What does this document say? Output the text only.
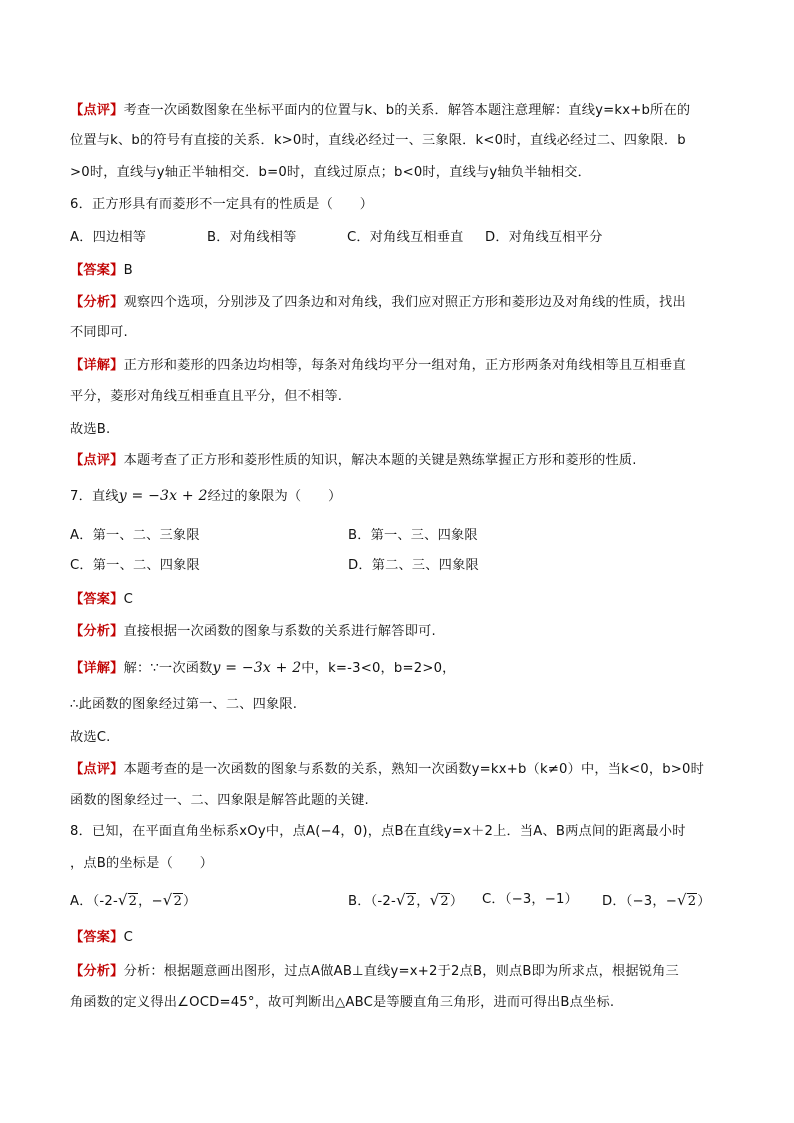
【点评】考查一次函数图象在坐标平面内的位置与k、b的关系．解答本题注意理解：直线y=kx+b所在的
位置与k、b的符号有直接的关系．k>0时，直线必经过一、三象限．k<0时，直线必经过二、四象限．b
>0时，直线与y轴正半轴相交．b=0时，直线过原点；b<0时，直线与y轴负半轴相交．
6．正方形具有而菱形不一定具有的性质是（　　）
A．四边相等	B．对角线相等	C．对角线互相垂直 D．对角线互相平分
【答案】B
【分析】观察四个选项，分别涉及了四条边和对角线，我们应对照正方形和菱形边及对角线的性质，找出
不同即可.
【详解】正方形和菱形的四条边均相等，每条对角线均平分一组对角，正方形两条对角线相等且互相垂直
平分，菱形对角线互相垂直且平分，但不相等.
故选B.
【点评】本题考查了正方形和菱形性质的知识，解决本题的关键是熟练掌握正方形和菱形的性质.
7．直线y = −3x + 2经过的象限为（　　）
A．第一、二、三象限	B．第一、三、四象限
C．第一、二、四象限	D．第二、三、四象限
【答案】C
【分析】直接根据一次函数的图象与系数的关系进行解答即可.
【详解】解：∵一次函数y = −3x + 2中，k=-3<0，b=2>0，
∴此函数的图象经过第一、二、四象限.
故选C.
【点评】本题考查的是一次函数的图象与系数的关系，熟知一次函数y=kx+b（k≠0）中，当k<0，b>0时
函数的图象经过一、二、四象限是解答此题的关键.
8．已知，在平面直角坐标系xOy中，点A(−4，0)，点B在直线y=x＋2上．当A、B两点间的距离最小时
，点B的坐标是（　　）
A．（-2-√2，−√2）	B．（-2-√2，√2） C．（−3，−1） D．（−3，−√2）
【答案】C
【分析】分析：根据题意画出图形，过点A做AB⊥直线y=x+2于2点B，则点B即为所求点，根据锐角三
角函数的定义得出∠OCD=45°，故可判断出△ABC是等腰直角三角形，进而可得出B点坐标.
